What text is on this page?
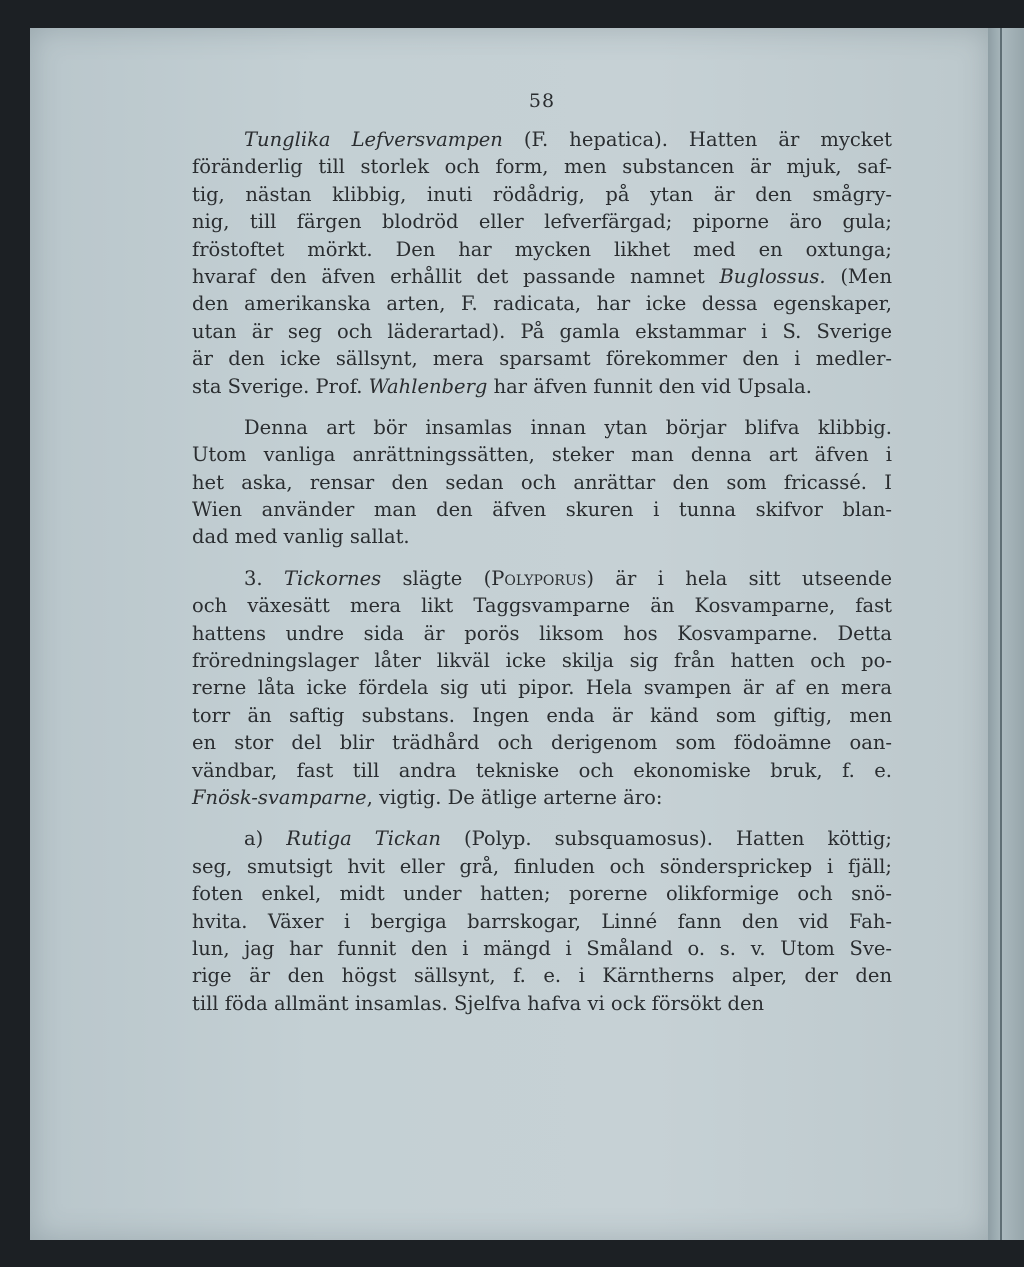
58
Tunglika Lefversvampen (F. hepatica). Hatten är mycket
föränderlig till storlek och form, men substancen är mjuk, saf-
tig, nästan klibbig, inuti rödådrig, på ytan är den smågry-
nig, till färgen blodröd eller lefverfärgad; piporne äro gula;
fröstoftet mörkt. Den har mycken likhet med en oxtunga;
hvaraf den äfven erhållit det passande namnet Buglossus. (Men
den amerikanska arten, F. radicata, har icke dessa egenskaper,
utan är seg och läderartad). På gamla ekstammar i S. Sverige
är den icke sällsynt, mera sparsamt förekommer den i medler-
sta Sverige. Prof. Wahlenberg har äfven funnit den vid Upsala.
Denna art bör insamlas innan ytan börjar blifva klibbig.
Utom vanliga anrättningssätten, steker man denna art äfven i
het aska, rensar den sedan och anrättar den som fricassé. I
Wien använder man den äfven skuren i tunna skifvor blan-
dad med vanlig sallat.
3. Tickornes slägte (Polyporus) är i hela sitt utseende
och växesätt mera likt Taggsvamparne än Kosvamparne, fast
hattens undre sida är porös liksom hos Kosvamparne. Detta
fröredningslager låter likväl icke skilja sig från hatten och po-
rerne låta icke fördela sig uti pipor. Hela svampen är af en mera
torr än saftig substans. Ingen enda är känd som giftig, men
en stor del blir trädhård och derigenom som födoämne oan-
vändbar, fast till andra tekniske och ekonomiske bruk, f. e.
Fnösk-svamparne, vigtig. De ätlige arterne äro:
a) Rutiga Tickan (Polyp. subsquamosus). Hatten köttig;
seg, smutsigt hvit eller grå, finluden och söndersprickер i fjäll;
foten enkel, midt under hatten; porerne olikformige och snö-
hvita. Växer i bergiga barrskogar, Linné fann den vid Fah-
lun, jag har funnit den i mängd i Småland o. s. v. Utom Sve-
rige är den högst sällsynt, f. e. i Kärntherns alper, der den
till föda allmänt insamlas. Sjelfva hafva vi ock försökt den
